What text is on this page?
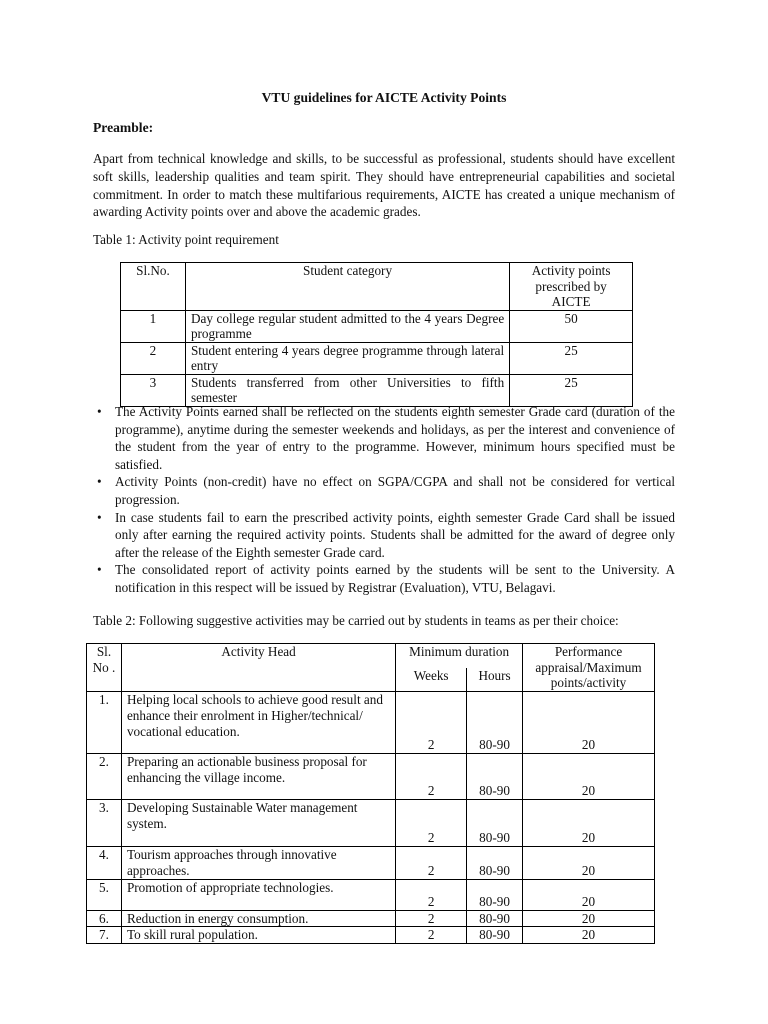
VTU guidelines for AICTE Activity Points
Preamble:
Apart from technical knowledge and skills, to be successful as professional, students should have excellent soft skills, leadership qualities and team spirit. They should have entrepreneurial capabilities and societal commitment. In order to match these multifarious requirements, AICTE has created a unique mechanism of awarding Activity points over and above the academic grades.
Table 1: Activity point requirement
Sl.No.	Student category	Activity points prescribed by AICTE
1	Day college regular student admitted to the 4 years Degree programme	50
2	Student entering 4 years degree programme through lateral entry	25
3	Students transferred from other Universities to fifth semester	25
• The Activity Points earned shall be reflected on the students eighth semester Grade card (duration of the programme), anytime during the semester weekends and holidays, as per the interest and convenience of the student from the year of entry to the programme. However, minimum hours specified must be satisfied.
• Activity Points (non-credit) have no effect on SGPA/CGPA and shall not be considered for vertical progression.
• In case students fail to earn the prescribed activity points, eighth semester Grade Card shall be issued only after earning the required activity points. Students shall be admitted for the award of degree only after the release of the Eighth semester Grade card.
• The consolidated report of activity points earned by the students will be sent to the University. A notification in this respect will be issued by Registrar (Evaluation), VTU, Belagavi.
Table 2: Following suggestive activities may be carried out by students in teams as per their choice:
Sl. No .	Activity Head	Minimum duration		Performance appraisal/Maximum points/activity
		Weeks	Hours	
1.	Helping local schools to achieve good result and enhance their enrolment in Higher/technical/ vocational education.	2	80-90	20
2.	Preparing an actionable business proposal for enhancing the village income.	2	80-90	20
3.	Developing Sustainable Water management system.	2	80-90	20
4.	Tourism approaches through innovative approaches.	2	80-90	20
5.	Promotion of appropriate technologies.	2	80-90	20
6.	Reduction in energy consumption.	2	80-90	20
7.	To skill rural population.	2	80-90	20
